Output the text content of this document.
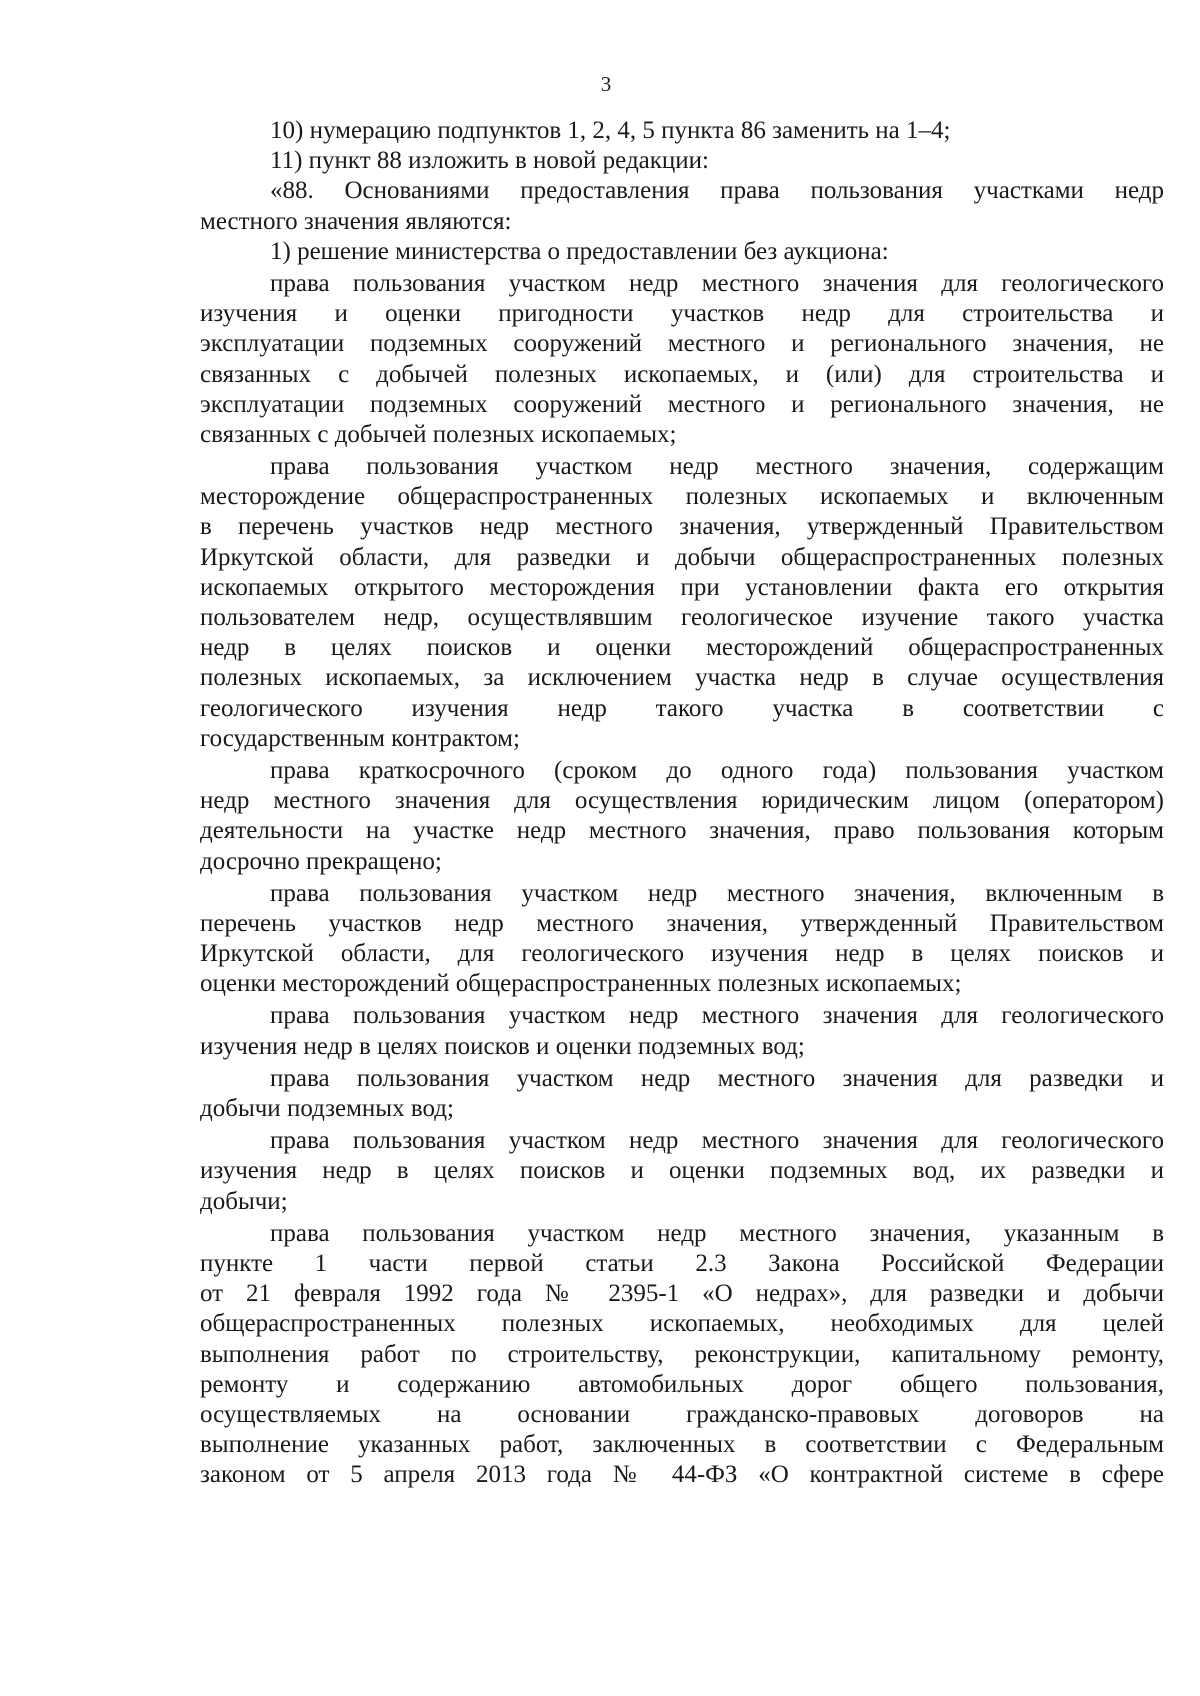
3
10) нумерацию подпунктов 1, 2, 4, 5 пункта 86 заменить на 1–4;
11) пункт 88 изложить в новой редакции:
«88. Основаниями предоставления права пользования участками недр
местного значения являются:
1) решение министерства о предоставлении без аукциона:
права пользования участком недр местного значения для геологического
изучения и оценки пригодности участков недр для строительства и
эксплуатации подземных сооружений местного и регионального значения, не
связанных с добычей полезных ископаемых, и (или) для строительства и
эксплуатации подземных сооружений местного и регионального значения, не
связанных с добычей полезных ископаемых;
права пользования участком недр местного значения, содержащим
месторождение общераспространенных полезных ископаемых и включенным
в перечень участков недр местного значения, утвержденный Правительством
Иркутской области, для разведки и добычи общераспространенных полезных
ископаемых открытого месторождения при установлении факта его открытия
пользователем недр, осуществлявшим геологическое изучение такого участка
недр в целях поисков и оценки месторождений общераспространенных
полезных ископаемых, за исключением участка недр в случае осуществления
геологического изучения недр такого участка в соответствии с
государственным контрактом;
права краткосрочного (сроком до одного года) пользования участком
недр местного значения для осуществления юридическим лицом (оператором)
деятельности на участке недр местного значения, право пользования которым
досрочно прекращено;
права пользования участком недр местного значения, включенным в
перечень участков недр местного значения, утвержденный Правительством
Иркутской области, для геологического изучения недр в целях поисков и
оценки месторождений общераспространенных полезных ископаемых;
права пользования участком недр местного значения для геологического
изучения недр в целях поисков и оценки подземных вод;
права пользования участком недр местного значения для разведки и
добычи подземных вод;
права пользования участком недр местного значения для геологического
изучения недр в целях поисков и оценки подземных вод, их разведки и
добычи;
права пользования участком недр местного значения, указанным в
пункте 1 части первой статьи 2.3 Закона Российской Федерации
от 21 февраля 1992 года № 2395-1 «О недрах», для разведки и добычи
общераспространенных полезных ископаемых, необходимых для целей
выполнения работ по строительству, реконструкции, капитальному ремонту,
ремонту и содержанию автомобильных дорог общего пользования,
осуществляемых на основании гражданско-правовых договоров на
выполнение указанных работ, заключенных в соответствии с Федеральным
законом от 5 апреля 2013 года № 44-ФЗ «О контрактной системе в сфере
